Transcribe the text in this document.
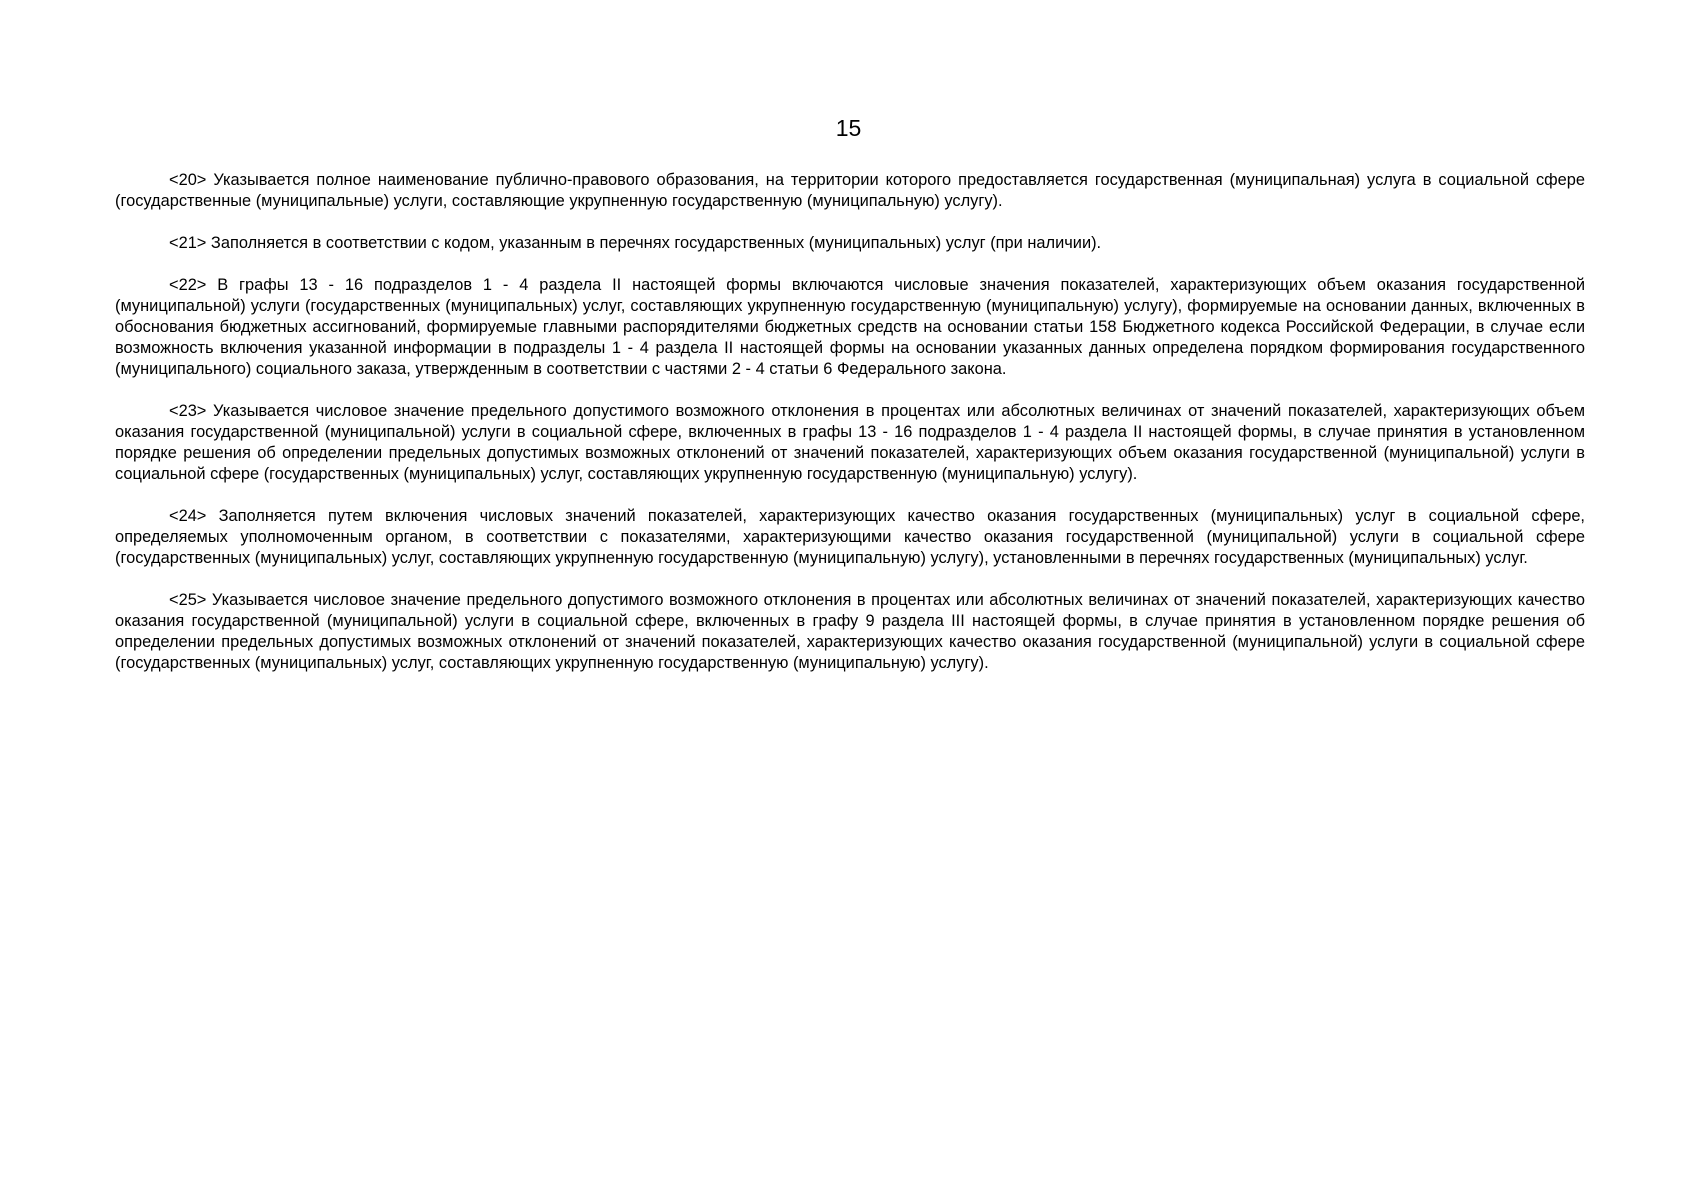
15

<20> Указывается полное наименование публично-правового образования, на территории которого предоставляется государственная (муниципальная) услуга в социальной сфере (государственные (муниципальные) услуги, составляющие укрупненную государственную (муниципальную) услугу).

<21> Заполняется в соответствии с кодом, указанным в перечнях государственных (муниципальных) услуг (при наличии).

<22> В графы 13 - 16 подразделов 1 - 4 раздела II настоящей формы включаются числовые значения показателей, характеризующих объем оказания государственной (муниципальной) услуги (государственных (муниципальных) услуг, составляющих укрупненную государственную (муниципальную) услугу), формируемые на основании данных, включенных в обоснования бюджетных ассигнований, формируемые главными распорядителями бюджетных средств на основании статьи 158 Бюджетного кодекса Российской Федерации, в случае если возможность включения указанной информации в подразделы 1 - 4 раздела II настоящей формы на основании указанных данных определена порядком формирования государственного (муниципального) социального заказа, утвержденным в соответствии с частями 2 - 4 статьи 6 Федерального закона.

<23> Указывается числовое значение предельного допустимого возможного отклонения в процентах или абсолютных величинах от значений показателей, характеризующих объем оказания государственной (муниципальной) услуги в социальной сфере, включенных в графы 13 - 16 подразделов 1 - 4 раздела II настоящей формы, в случае принятия в установленном порядке решения об определении предельных допустимых возможных отклонений от значений показателей, характеризующих объем оказания государственной (муниципальной) услуги в социальной сфере (государственных (муниципальных) услуг, составляющих укрупненную государственную (муниципальную) услугу).

<24> Заполняется путем включения числовых значений показателей, характеризующих качество оказания государственных (муниципальных) услуг в социальной сфере, определяемых уполномоченным органом, в соответствии с показателями, характеризующими качество оказания государственной (муниципальной) услуги в социальной сфере (государственных (муниципальных) услуг, составляющих укрупненную государственную (муниципальную) услугу), установленными в перечнях государственных (муниципальных) услуг.

<25> Указывается числовое значение предельного допустимого возможного отклонения в процентах или абсолютных величинах от значений показателей, характеризующих качество оказания государственной (муниципальной) услуги в социальной сфере, включенных в графу 9 раздела III настоящей формы, в случае принятия в установленном порядке решения об определении предельных допустимых возможных отклонений от значений показателей, характеризующих качество оказания государственной (муниципальной) услуги в социальной сфере (государственных (муниципальных) услуг, составляющих укрупненную государственную (муниципальную) услугу).
